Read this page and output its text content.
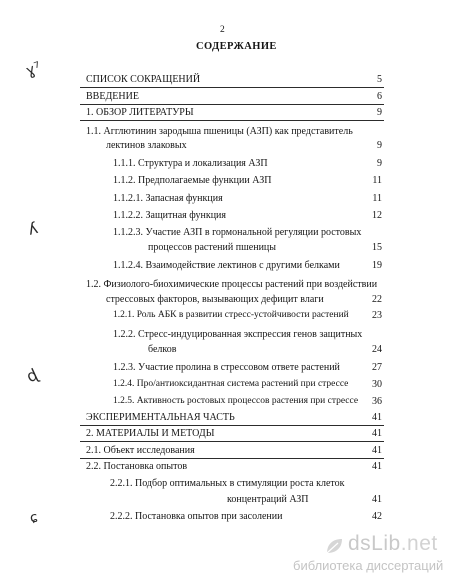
2
СОДЕРЖАНИЕ
ɣ⁷
ʎ
ɖ
ɕ
СПИСОК СОКРАЩЕНИЙ	5
ВВЕДЕНИЕ	6
1. ОБЗОР ЛИТЕРАТУРЫ	9
1.1. Агглютинин зародыша пшеницы (АЗП) как представитель
лектинов злаковых	9
1.1.1. Структура и локализация АЗП	9
1.1.2. Предполагаемые функции АЗП	11
1.1.2.1. Запасная функция	11
1.1.2.2. Защитная функция	12
1.1.2.3. Участие АЗП в гормональной регуляции ростовых
процессов растений пшеницы	15
1.1.2.4. Взаимодействие лектинов с другими белками	19
1.2. Физиолого-биохимические процессы растений при воздействии
стрессовых факторов, вызывающих дефицит влаги	22
1.2.1. Роль АБК в развитии стресс-устойчивости растений	23
1.2.2. Стресс-индуцированная экспрессия генов защитных
белков	24
1.2.3. Участие пролина в стрессовом ответе растений	27
1.2.4. Про/антиоксидантная система растений при стрессе	30
1.2.5. Активность ростовых процессов растения при стрессе	36
ЭКСПЕРИМЕНТАЛЬНАЯ ЧАСТЬ	41
2. МАТЕРИАЛЫ И МЕТОДЫ	41
2.1. Объект исследования	41
2.2. Постановка опытов	41
2.2.1. Подбор оптимальных в стимуляции роста клеток
концентраций АЗП	41
2.2.2. Постановка опытов при засолении	42
dsLib.net
библиотека диссертаций
